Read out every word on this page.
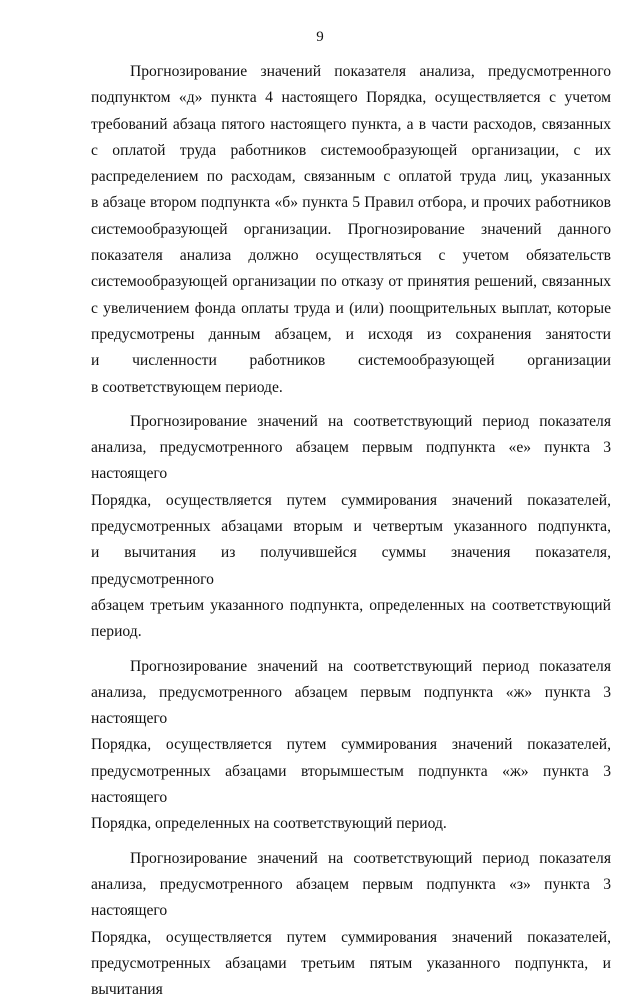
9
Прогнозирование значений показателя анализа, предусмотренного
подпунктом «д» пункта 4 настоящего Порядка, осуществляется с учетом
требований абзаца пятого настоящего пункта, а в части расходов, связанных
с оплатой труда работников системообразующей организации, с их
распределением по расходам, связанным с оплатой труда лиц, указанных
в абзаце втором подпункта «б» пункта 5 Правил отбора, и прочих работников
системообразующей организации. Прогнозирование значений данного
показателя анализа должно осуществляться с учетом обязательств
системообразующей организации по отказу от принятия решений, связанных
с увеличением фонда оплаты труда и (или) поощрительных выплат, которые
предусмотрены данным абзацем, и исходя из сохранения занятости
и численности работников системообразующей организации
в соответствующем периоде.
Прогнозирование значений на соответствующий период показателя
анализа, предусмотренного абзацем первым подпункта «е» пункта 3 настоящего
Порядка, осуществляется путем суммирования значений показателей,
предусмотренных абзацами вторым и четвертым указанного подпункта,
и вычитания из получившейся суммы значения показателя, предусмотренного
абзацем третьим указанного подпункта, определенных на соответствующий
период.
Прогнозирование значений на соответствующий период показателя
анализа, предусмотренного абзацем первым подпункта «ж» пункта 3 настоящего
Порядка, осуществляется путем суммирования значений показателей,
предусмотренных абзацами вторымшестым подпункта «ж» пункта 3 настоящего
Порядка, определенных на соответствующий период.
Прогнозирование значений на соответствующий период показателя
анализа, предусмотренного абзацем первым подпункта «з» пункта 3 настоящего
Порядка, осуществляется путем суммирования значений показателей,
предусмотренных абзацами третьим пятым указанного подпункта, и вычитания
